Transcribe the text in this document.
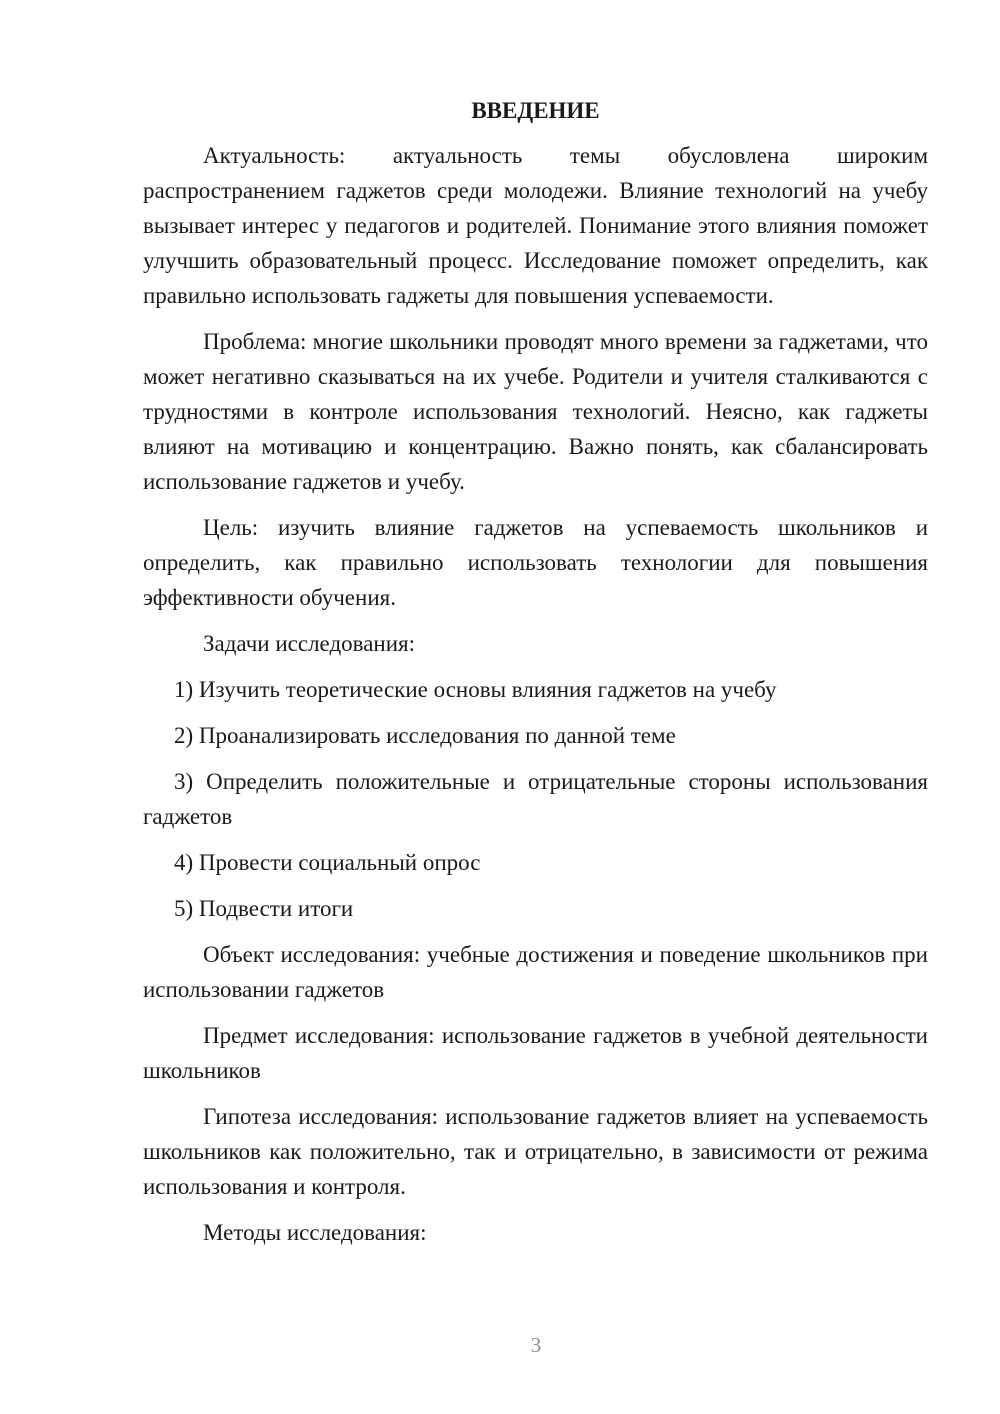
ВВЕДЕНИЕ

Актуальность: актуальность темы обусловлена широким распространением гаджетов среди молодежи. Влияние технологий на учебу вызывает интерес у педагогов и родителей. Понимание этого влияния поможет улучшить образовательный процесс. Исследование поможет определить, как правильно использовать гаджеты для повышения успеваемости.

Проблема: многие школьники проводят много времени за гаджетами, что может негативно сказываться на их учебе. Родители и учителя сталкиваются с трудностями в контроле использования технологий. Неясно, как гаджеты влияют на мотивацию и концентрацию. Важно понять, как сбалансировать использование гаджетов и учебу.

Цель: изучить влияние гаджетов на успеваемость школьников и определить, как правильно использовать технологии для повышения эффективности обучения.

Задачи исследования:

1) Изучить теоретические основы влияния гаджетов на учебу

2) Проанализировать исследования по данной теме

3) Определить положительные и отрицательные стороны использования гаджетов

4) Провести социальный опрос

5) Подвести итоги

Объект исследования: учебные достижения и поведение школьников при использовании гаджетов

Предмет исследования: использование гаджетов в учебной деятельности школьников

Гипотеза исследования: использование гаджетов влияет на успеваемость школьников как положительно, так и отрицательно, в зависимости от режима использования и контроля.

Методы исследования:

3
